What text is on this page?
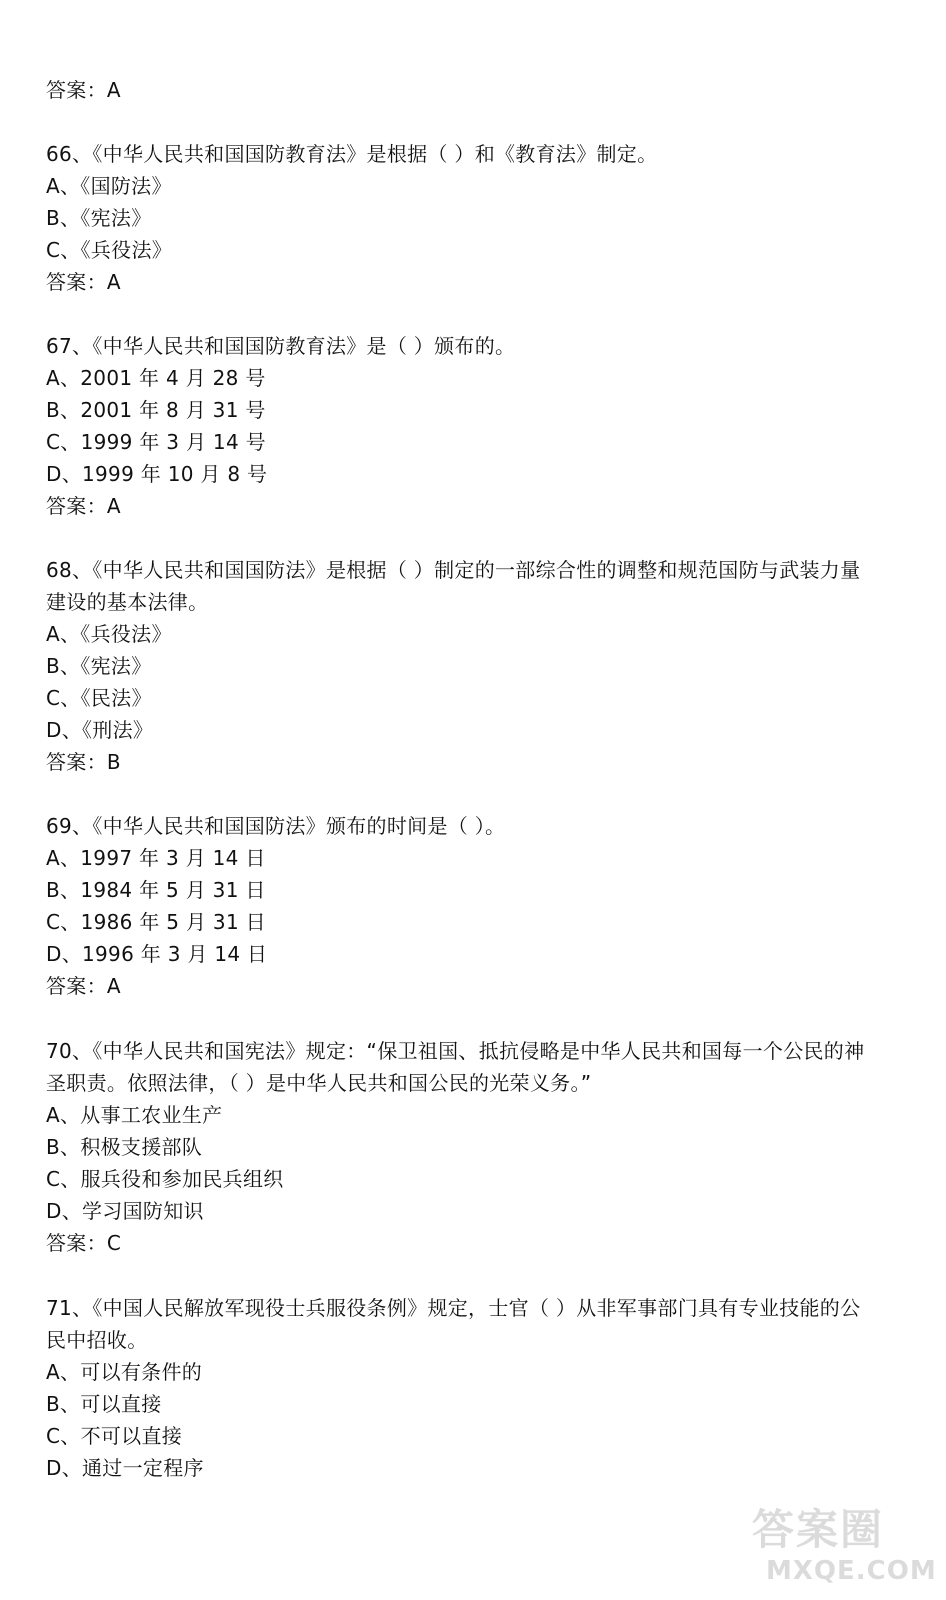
答案：A
66、《中华人民共和国国防教育法》是根据（ ）和《教育法》制定。
A、《国防法》
B、《宪法》
C、《兵役法》
答案：A
67、《中华人民共和国国防教育法》是（ ）颁布的。
A、2001 年 4 月 28 号
B、2001 年 8 月 31 号
C、1999 年 3 月 14 号
D、1999 年 10 月 8 号
答案：A
68、《中华人民共和国国防法》是根据（ ）制定的一部综合性的调整和规范国防与武装力量
建设的基本法律。
A、《兵役法》
B、《宪法》
C、《民法》
D、《刑法》
答案：B
69、《中华人民共和国国防法》颁布的时间是（ ）。
A、1997 年 3 月 14 日
B、1984 年 5 月 31 日
C、1986 年 5 月 31 日
D、1996 年 3 月 14 日
答案：A
70、《中华人民共和国宪法》规定：“保卫祖国、抵抗侵略是中华人民共和国每一个公民的神
圣职责。依照法律，（ ）是中华人民共和国公民的光荣义务。”
A、从事工农业生产
B、积极支援部队
C、服兵役和参加民兵组织
D、学习国防知识
答案：C
71、《中国人民解放军现役士兵服役条例》规定，士官（ ）从非军事部门具有专业技能的公
民中招收。
A、可以有条件的
B、可以直接
C、不可以直接
D、通过一定程序
答案圈
MXQE.COM
